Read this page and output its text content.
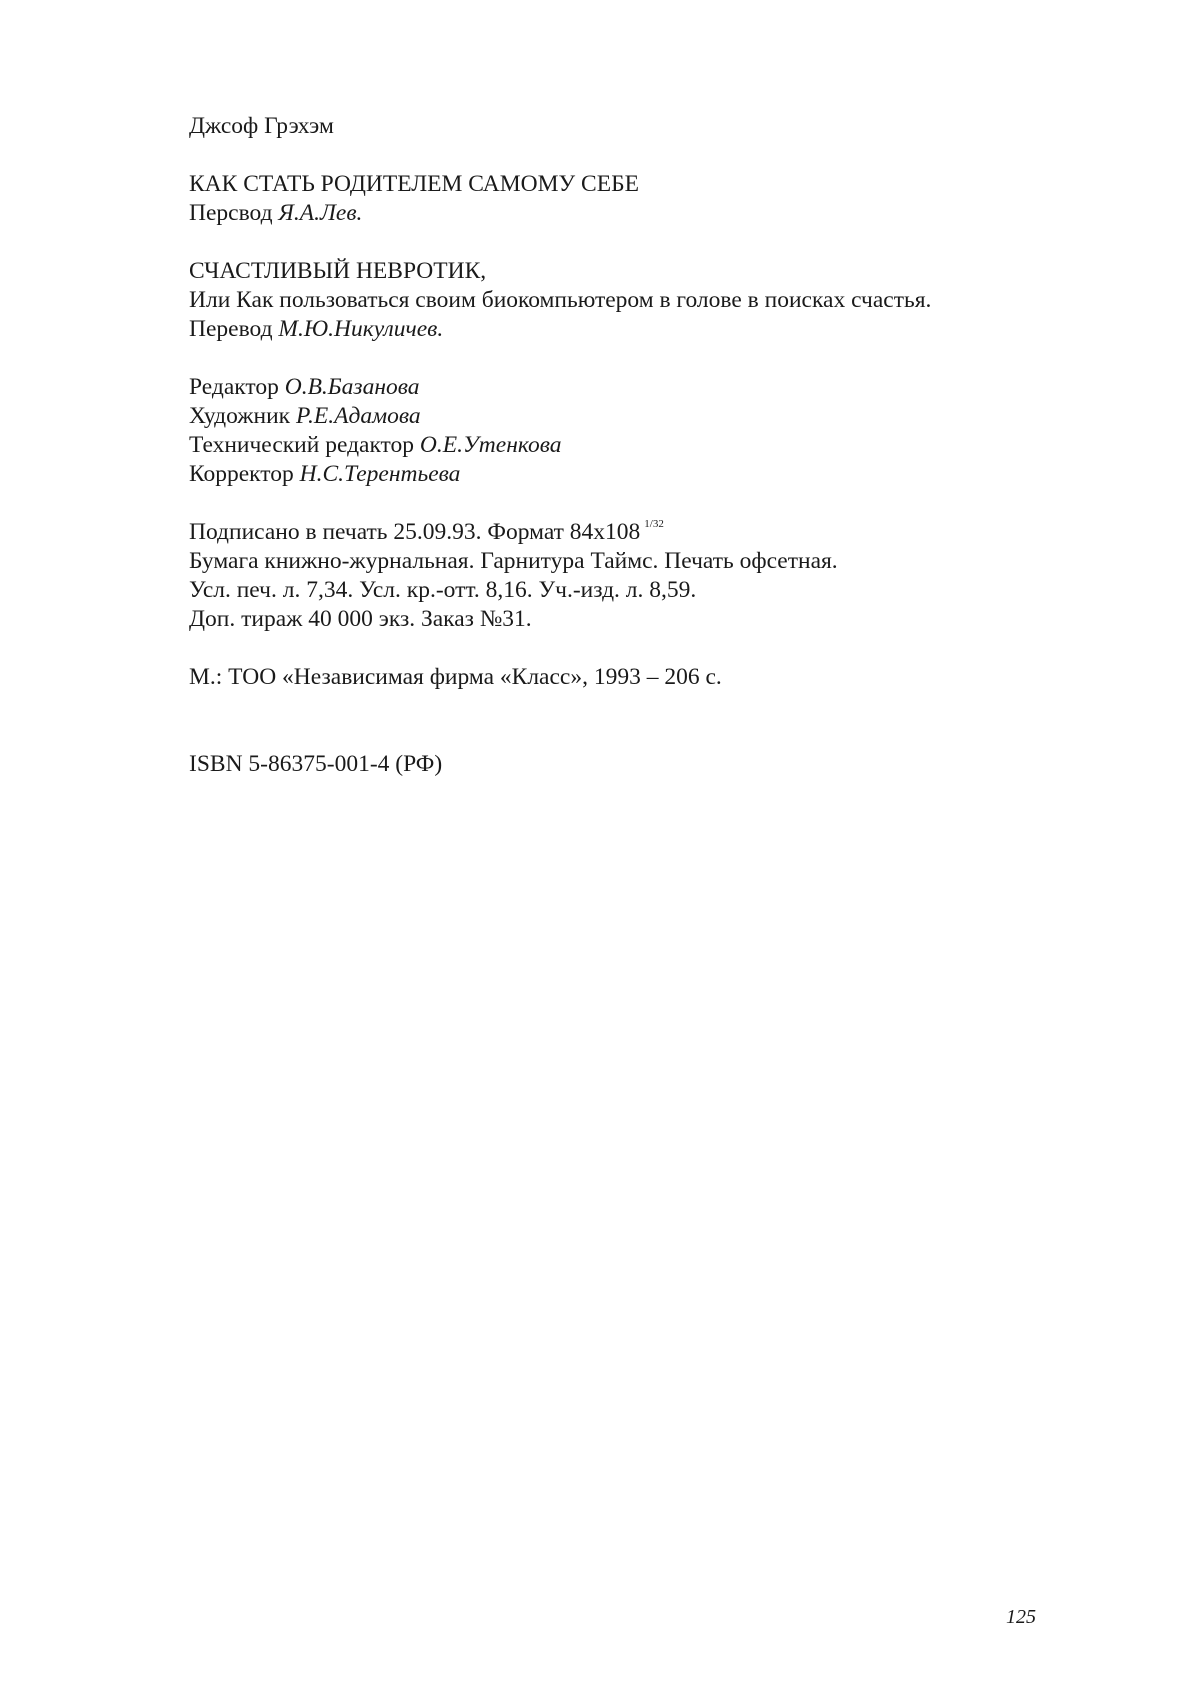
Джсоф Грэхэм
КАК СТАТЬ РОДИТЕЛЕМ САМОМУ СЕБЕ
Персвод Я.А.Лев.
СЧАСТЛИВЫЙ НЕВРОТИК,
Или Как пользоваться своим биокомпьютером в голове в поисках счастья.
Перевод М.Ю.Никуличев.
Редактор О.В.Базанова
Художник Р.Е.Адамова
Технический редактор О.Е.Утенкова
Корректор Н.С.Терентьева
Подписано в печать 25.09.93. Формат 84x108 $^{1/32}$
Бумага книжно-журнальная. Гарнитура Таймс. Печать офсетная.
Усл. печ. л. 7,34. Усл. кр.-отт. 8,16. Уч.-изд. л. 8,59.
Доп. тираж 40 000 экз. Заказ №31.
М.: ТОО «Независимая фирма «Класс», 1993 – 206 с.
ISBN 5-86375-001-4 (РФ)
125
